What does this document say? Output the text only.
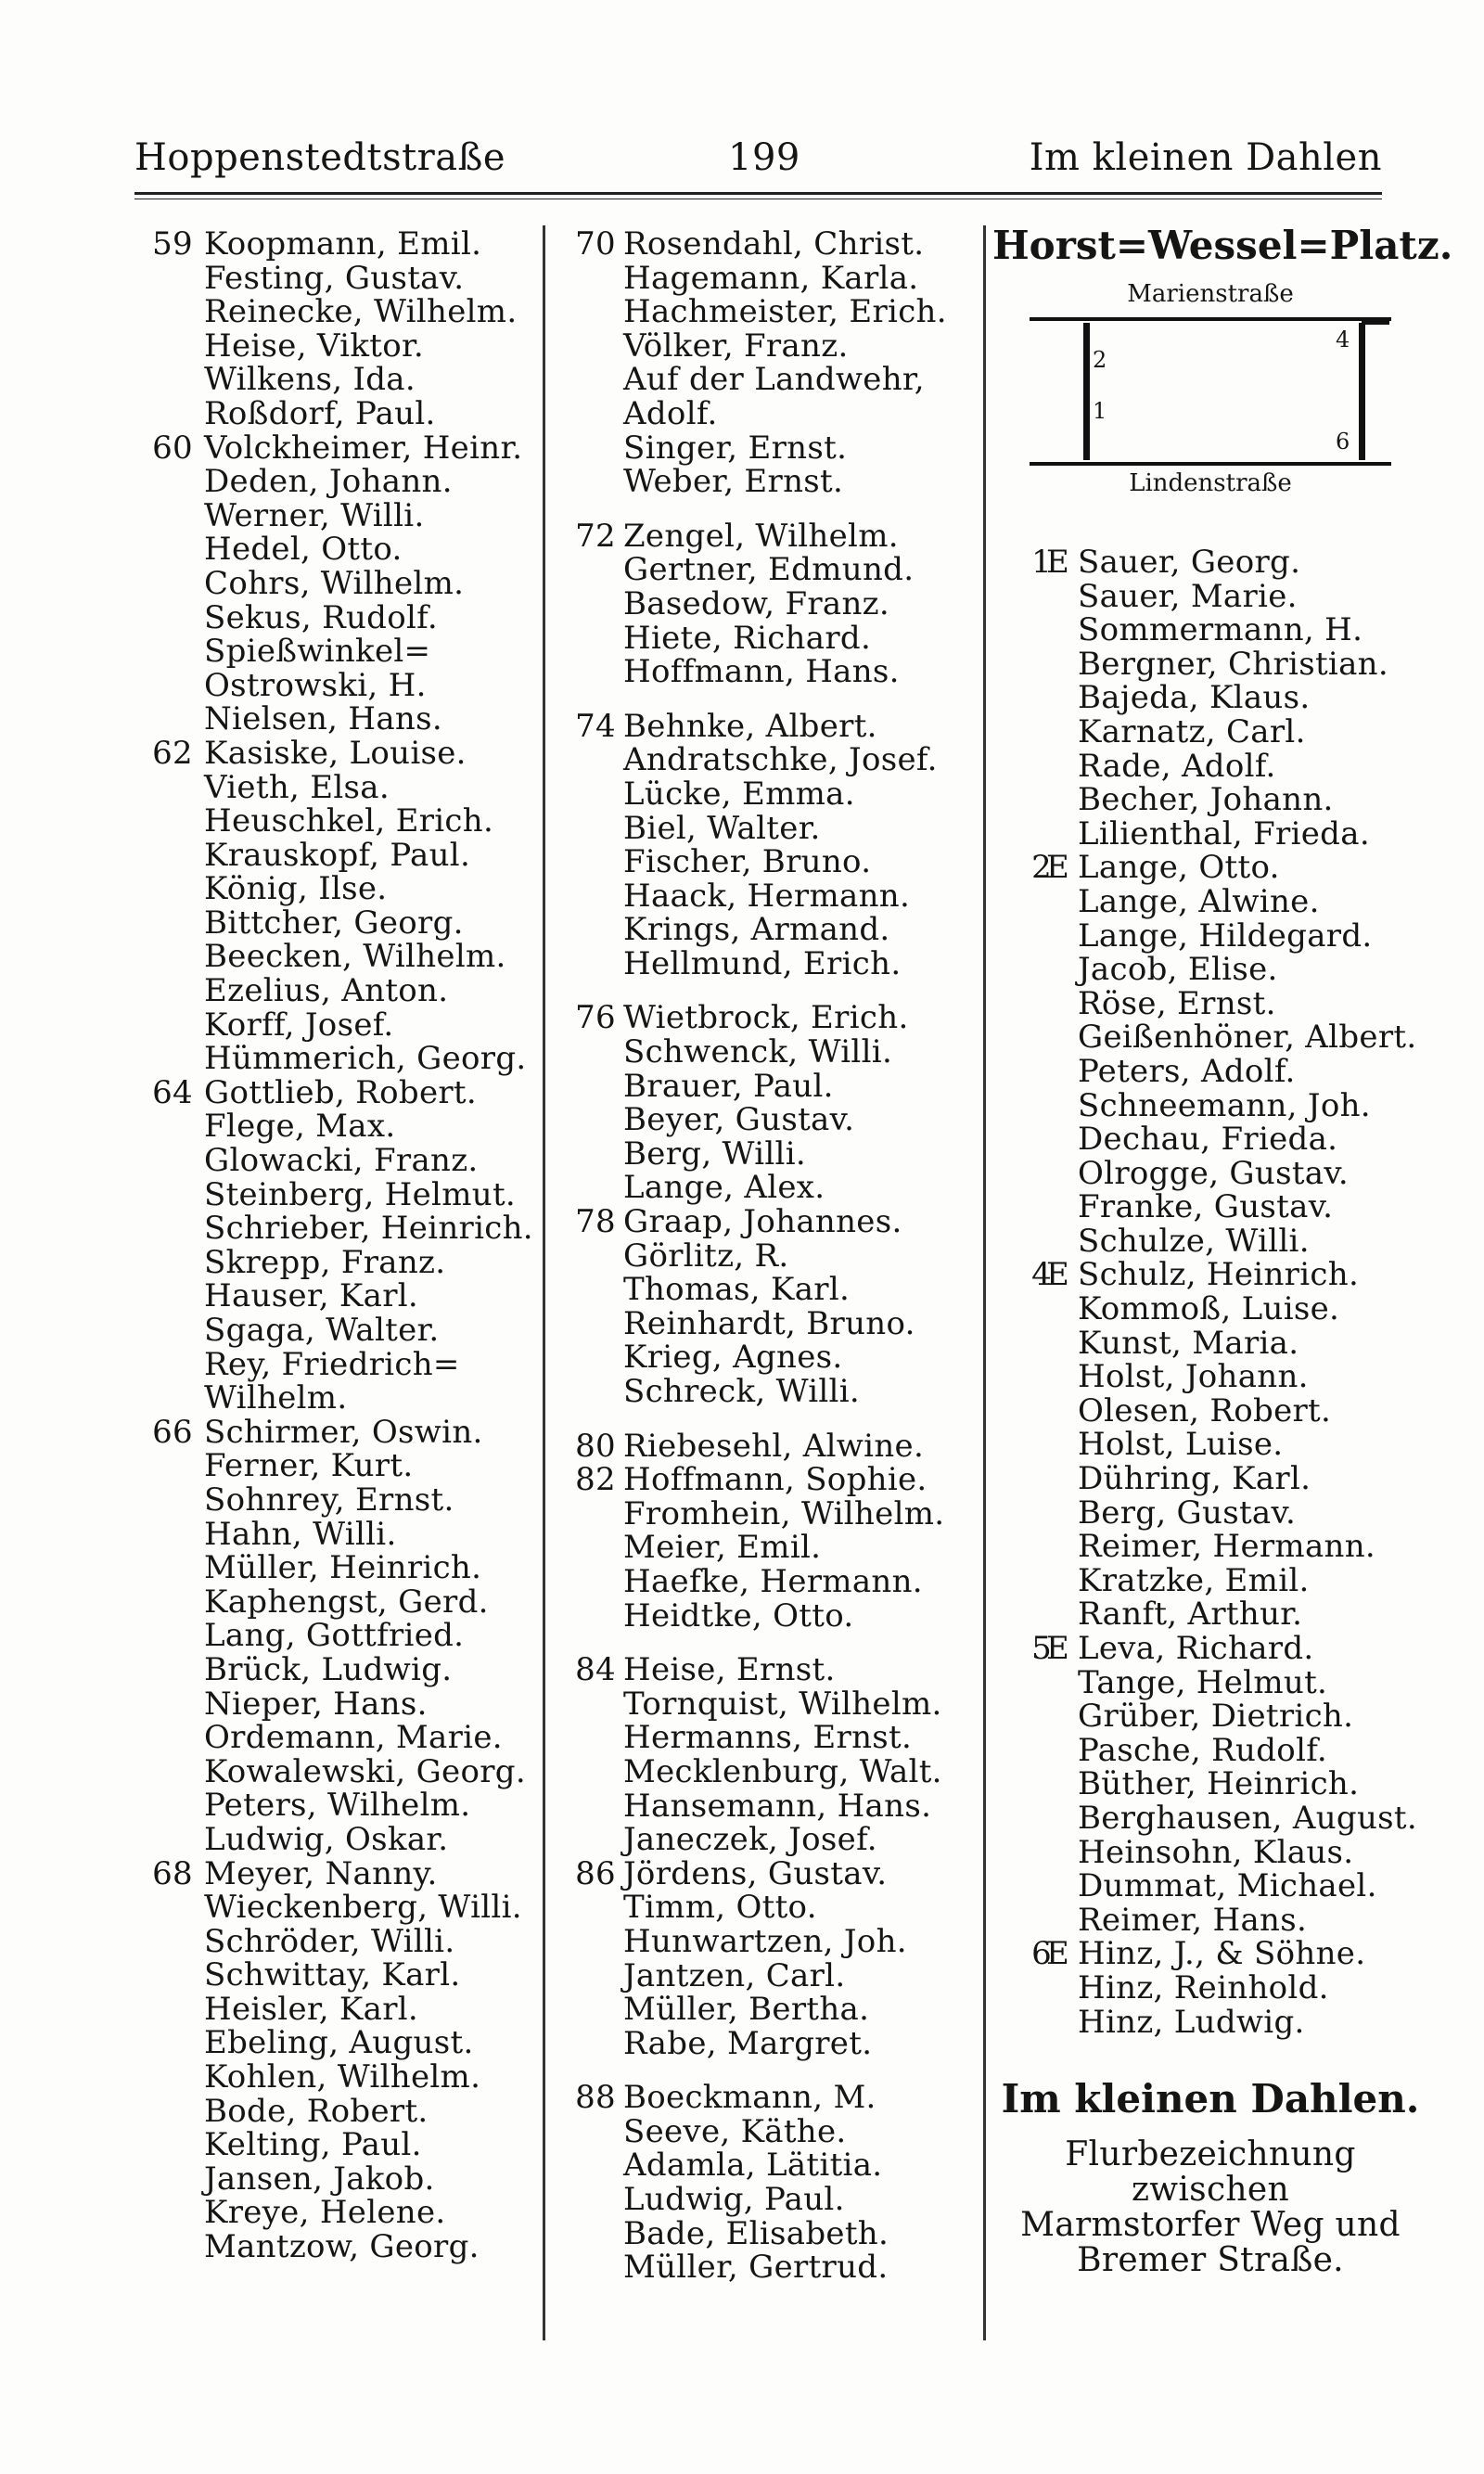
Hoppenstedtstraße	199	Im kleinen Dahlen
59 Koopmann, Emil.
Festing, Gustav.
Reinecke, Wilhelm.
Heise, Viktor.
Wilkens, Ida.
Roßdorf, Paul.
60 Volckheimer, Heinr.
Deden, Johann.
Werner, Willi.
Hedel, Otto.
Cohrs, Wilhelm.
Sekus, Rudolf.
Spießwinkel=
Ostrowski, H.
Nielsen, Hans.
62 Kasiske, Louise.
Vieth, Elsa.
Heuschkel, Erich.
Krauskopf, Paul.
König, Ilse.
Bittcher, Georg.
Beecken, Wilhelm.
Ezelius, Anton.
Korff, Josef.
Hümmerich, Georg.
64 Gottlieb, Robert.
Flege, Max.
Glowacki, Franz.
Steinberg, Helmut.
Schrieber, Heinrich.
Skrepp, Franz.
Hauser, Karl.
Sgaga, Walter.
Rey, Friedrich=
Wilhelm.
66 Schirmer, Oswin.
Ferner, Kurt.
Sohnrey, Ernst.
Hahn, Willi.
Müller, Heinrich.
Kaphengst, Gerd.
Lang, Gottfried.
Brück, Ludwig.
Nieper, Hans.
Ordemann, Marie.
Kowalewski, Georg.
Peters, Wilhelm.
Ludwig, Oskar.
68 Meyer, Nanny.
Wieckenberg, Willi.
Schröder, Willi.
Schwittay, Karl.
Heisler, Karl.
Ebeling, August.
Kohlen, Wilhelm.
Bode, Robert.
Kelting, Paul.
Jansen, Jakob.
Kreye, Helene.
Mantzow, Georg.
70 Rosendahl, Christ.
Hagemann, Karla.
Hachmeister, Erich.
Völker, Franz.
Auf der Landwehr,
Adolf.
Singer, Ernst.
Weber, Ernst.
72 Zengel, Wilhelm.
Gertner, Edmund.
Basedow, Franz.
Hiete, Richard.
Hoffmann, Hans.
74 Behnke, Albert.
Andratschke, Josef.
Lücke, Emma.
Biel, Walter.
Fischer, Bruno.
Haack, Hermann.
Krings, Armand.
Hellmund, Erich.
76 Wietbrock, Erich.
Schwenck, Willi.
Brauer, Paul.
Beyer, Gustav.
Berg, Willi.
Lange, Alex.
78 Graap, Johannes.
Görlitz, R.
Thomas, Karl.
Reinhardt, Bruno.
Krieg, Agnes.
Schreck, Willi.
80 Riebesehl, Alwine.
82 Hoffmann, Sophie.
Fromhein, Wilhelm.
Meier, Emil.
Haefke, Hermann.
Heidtke, Otto.
84 Heise, Ernst.
Tornquist, Wilhelm.
Hermanns, Ernst.
Mecklenburg, Walt.
Hansemann, Hans.
Janeczek, Josef.
86 Jördens, Gustav.
Timm, Otto.
Hunwartzen, Joh.
Jantzen, Carl.
Müller, Bertha.
Rabe, Margret.
88 Boeckmann, M.
Seeve, Käthe.
Adamla, Lätitia.
Ludwig, Paul.
Bade, Elisabeth.
Müller, Gertrud.
Horst=Wessel=Platz.
Marienstraße
2
1
4
6
Lindenstraße
1
E Sauer, Georg.
Sauer, Marie.
Sommermann, H.
Bergner, Christian.
Bajeda, Klaus.
Karnatz, Carl.
Rade, Adolf.
Becher, Johann.
Lilienthal, Frieda.
2
E Lange, Otto.
Lange, Alwine.
Lange, Hildegard.
Jacob, Elise.
Röse, Ernst.
Geißenhöner, Albert.
Peters, Adolf.
Schneemann, Joh.
Dechau, Frieda.
Olrogge, Gustav.
Franke, Gustav.
Schulze, Willi.
4
E Schulz, Heinrich.
Kommoß, Luise.
Kunst, Maria.
Holst, Johann.
Olesen, Robert.
Holst, Luise.
Dühring, Karl.
Berg, Gustav.
Reimer, Hermann.
Kratzke, Emil.
Ranft, Arthur.
5
E Leva, Richard.
Tange, Helmut.
Grüber, Dietrich.
Pasche, Rudolf.
Büther, Heinrich.
Berghausen, August.
Heinsohn, Klaus.
Dummat, Michael.
Reimer, Hans.
6
E Hinz, J., & Söhne.
Hinz, Reinhold.
Hinz, Ludwig.
Im kleinen Dahlen.
Flurbezeichnung zwischen
Marmstorfer Weg und
Bremer Straße.
